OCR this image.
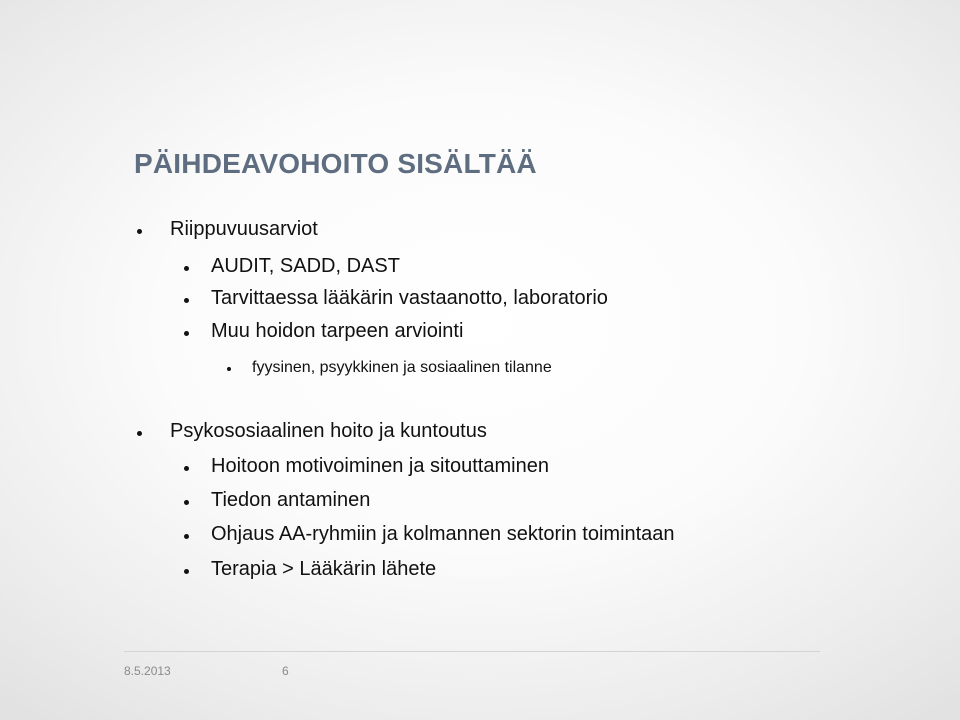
PÄIHDEAVOHOITO SISÄLTÄÄ
Riippuvuusarviot
AUDIT, SADD, DAST
Tarvittaessa lääkärin vastaanotto, laboratorio
Muu hoidon tarpeen arviointi
fyysinen, psyykkinen ja sosiaalinen tilanne
Psykososiaalinen hoito ja kuntoutus
Hoitoon motivoiminen ja sitouttaminen
Tiedon antaminen
Ohjaus AA-ryhmiin ja kolmannen sektorin toimintaan
Terapia > Lääkärin lähete
8.5.2013	6
